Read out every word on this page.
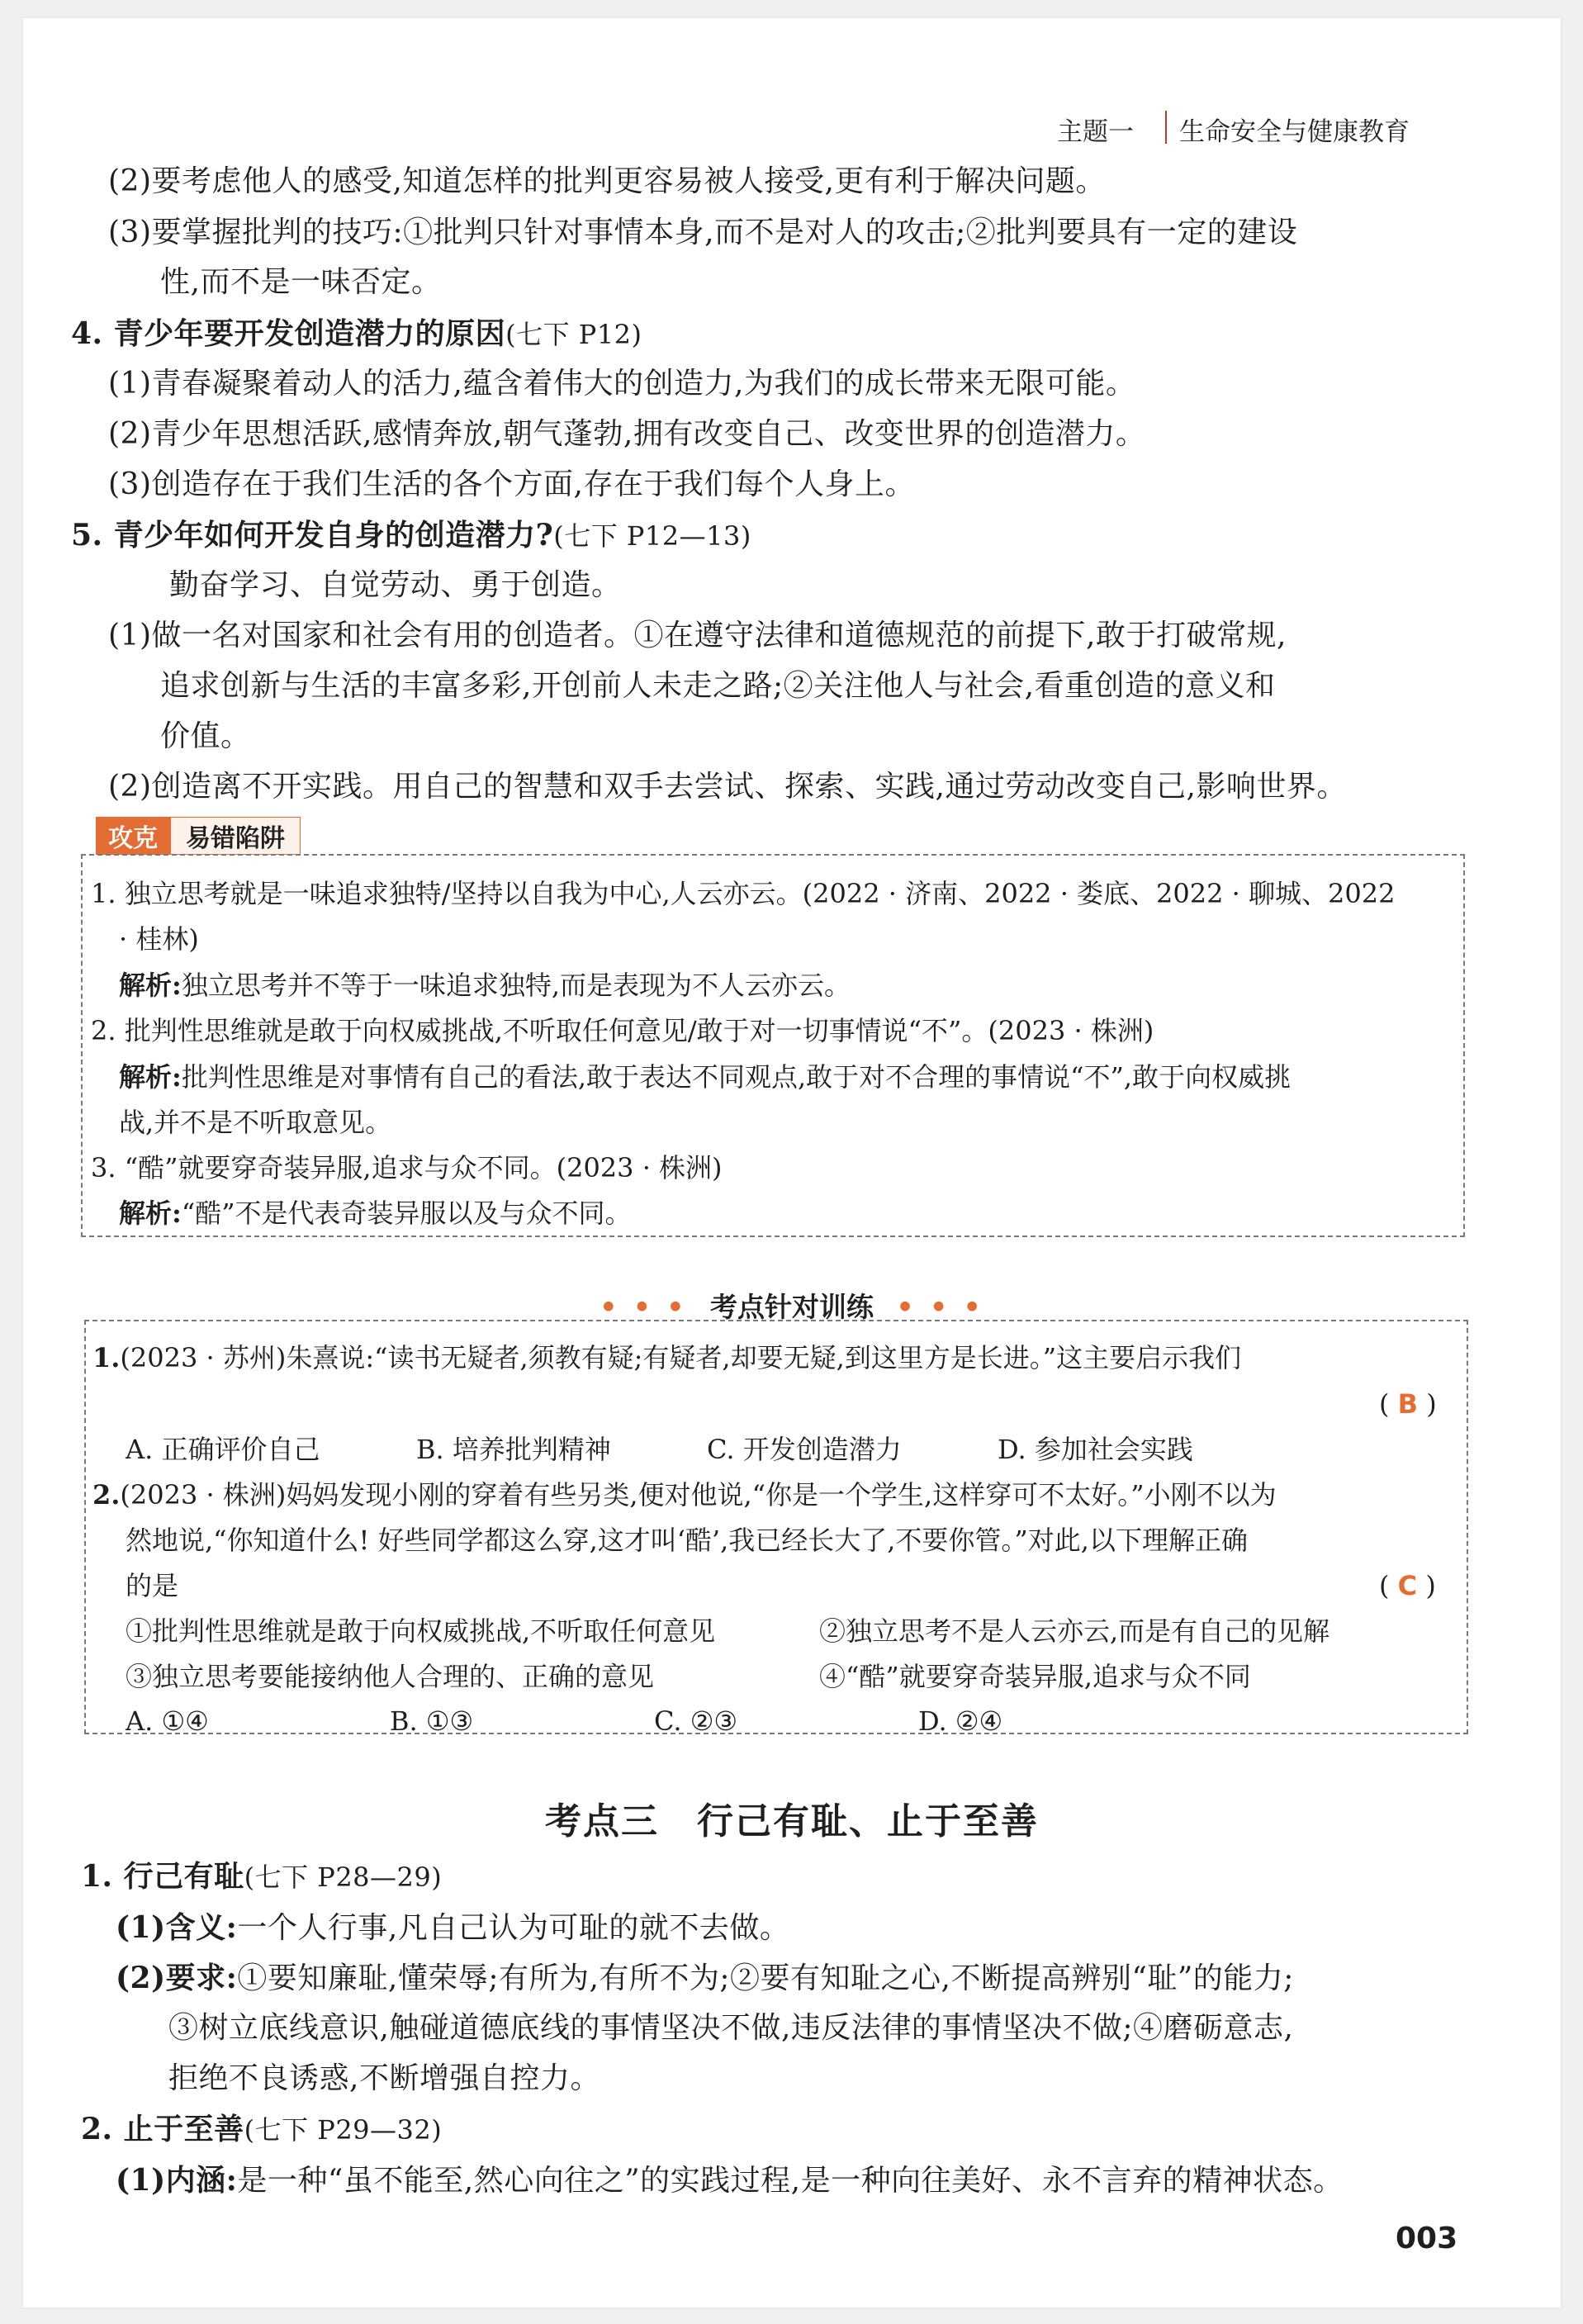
主题一 生命安全与健康教育
(2)要考虑他人的感受,知道怎样的批判更容易被人接受,更有利于解决问题。
(3)要掌握批判的技巧:①批判只针对事情本身,而不是对人的攻击;②批判要具有一定的建设
性,而不是一味否定。
4. 青少年要开发创造潜力的原因(七下 P12)
(1)青春凝聚着动人的活力,蕴含着伟大的创造力,为我们的成长带来无限可能。
(2)青少年思想活跃,感情奔放,朝气蓬勃,拥有改变自己、改变世界的创造潜力。
(3)创造存在于我们生活的各个方面,存在于我们每个人身上。
5. 青少年如何开发自身的创造潜力?(七下 P12—13)
勤奋学习、自觉劳动、勇于创造。
(1)做一名对国家和社会有用的创造者。①在遵守法律和道德规范的前提下,敢于打破常规,
追求创新与生活的丰富多彩,开创前人未走之路;②关注他人与社会,看重创造的意义和
价值。
(2)创造离不开实践。用自己的智慧和双手去尝试、探索、实践,通过劳动改变自己,影响世界。
攻克	易错陷阱
1. 独立思考就是一味追求独特/坚持以自我为中心,人云亦云。(2022 · 济南、2022 · 娄底、2022 · 聊城、2022
· 桂林)
解析:独立思考并不等于一味追求独特,而是表现为不人云亦云。
2. 批判性思维就是敢于向权威挑战,不听取任何意见/敢于对一切事情说“不”。(2023 · 株洲)
解析:批判性思维是对事情有自己的看法,敢于表达不同观点,敢于对不合理的事情说“不”,敢于向权威挑
战,并不是不听取意见。
3. “酷”就要穿奇装异服,追求与众不同。(2023 · 株洲)
解析:“酷”不是代表奇装异服以及与众不同。
• • • 考点针对训练 • • •
1.(2023 · 苏州)朱熹说:“读书无疑者,须教有疑;有疑者,却要无疑,到这里方是长进。”这主要启示我们
( B )
A. 正确评价自己	B. 培养批判精神	C. 开发创造潜力	D. 参加社会实践
2.(2023 · 株洲)妈妈发现小刚的穿着有些另类,便对他说,“你是一个学生,这样穿可不太好。”小刚不以为
然地说,“你知道什么! 好些同学都这么穿,这才叫‘酷’,我已经长大了,不要你管。”对此,以下理解正确
的是	( C )
①批判性思维就是敢于向权威挑战,不听取任何意见	②独立思考不是人云亦云,而是有自己的见解
③独立思考要能接纳他人合理的、正确的意见	④“酷”就要穿奇装异服,追求与众不同
A. ①④	B. ①③	C. ②③	D. ②④
考点三　行己有耻、止于至善
1. 行己有耻(七下 P28—29)
(1)含义:一个人行事,凡自己认为可耻的就不去做。
(2)要求:①要知廉耻,懂荣辱;有所为,有所不为;②要有知耻之心,不断提高辨别“耻”的能力;
③树立底线意识,触碰道德底线的事情坚决不做,违反法律的事情坚决不做;④磨砺意志,
拒绝不良诱惑,不断增强自控力。
2. 止于至善(七下 P29—32)
(1)内涵:是一种“虽不能至,然心向往之”的实践过程,是一种向往美好、永不言弃的精神状态。
003
